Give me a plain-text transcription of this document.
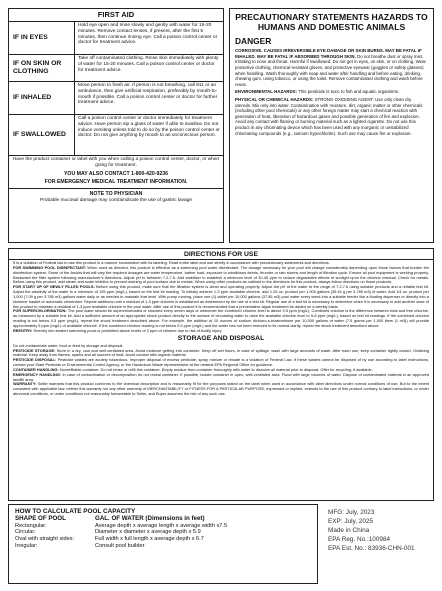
FIRST AID
IF IN EYES
Hold eye open and rinse slowly and gently with water for 15-20 minutes. Remove contact lenses, if present, after the first 5 minutes, then continue rinsing eye. Call a poison control center or doctor for treatment advice.
IF ON SKIN OR CLOTHING
Take off contaminated clothing. Rinse skin immediately with plenty of water for 15-20 minutes. Call a poison control center or doctor for treatment advice.
IF INHALED
Move person to fresh air. If person is not breathing, call 911 or an ambulance, then give artificial respiration, preferably by mouth-to-mouth if possible. Call a poison control center or doctor for further treatment advice.
IF SWALLOWED
Call a poison control center or doctor immediately for treatment advice. Have person sip a glass of water if able to swallow. Do not induce vomiting unless told to do so by the poison control center or doctor. Do not give anything by mouth to an unconscious person.
Have the product container or label with you when calling a poison control center, doctor, or when going for treatment.
YOU MAY ALSO CONTACT 1-800-420-9236
FOR EMERGENCY MEDICAL TREATMENT INFORMATION.
NOTE TO PHYSICIAN
Probable mucosal damage may contraindicate the use of gastric lavage
PRECAUTIONARY STATEMENTS HAZARDS TO HUMANS AND DOMESTIC ANIMALS
DANGER

CORROSIVE. CAUSES IRREVERSIBLE EYE DAMAGE OR SKIN BURNS. MAY BE FATAL IF INHALED. MAY BE FATAL IF ABSORBED THROUGH SKIN. Do not breathe dust or spray mist. Irritating to nose and throat. Harmful if swallowed. Do not get in eyes, on skin, or on clothing. Wear protective clothing, chemical-resistant gloves, and protective eyewear (goggles or safety glasses) when handling. Wash thoroughly with soap and water after handling and before eating, drinking, chewing gum, using tobacco, or using the toilet. Remove contaminated clothing and wash before reuse.

ENVIRONMENTAL HAZARDS: This pesticide is toxic to fish and aquatic organisms.

PHYSICAL OR CHEMICAL HAZARDS: STRONG OXIDIZING AGENT. Use only clean dry utensils. Mix only into water. Contamination with moisture, dirt, organic matter or other chemicals (including other pool chemicals) or any other foreign matter may start a chemical reaction with generation of heat, liberation of hazardous gases and possible generation of fire and explosion. Avoid any contact with flaming or burning material such as a lighted cigarette. Do not use this product in any chlorinating device which has been used with any inorganic or unstabilized chlorinating compounds (e.g., calcium hypochlorite). Such use may cause fire or explosion.

DIRECTIONS FOR USE

It is a violation of Federal law to use this product in a manner inconsistent with its labeling. Read entire label and use strictly in accordance with precautionary statements and directions.

FOR SWIMMING POOL DISINFECTANT: When used as directed, this product is effective as a swimming pool water disinfectant. The dosage necessary for your pool will change considerably depending upon those factors that burden the disinfection system. Some of the factors that will vary the required dosages are water temperature, bather load, exposure to windblown debris, thunder or rain storms and length of filtration cycle. Ensure all pool equipment is working properly. Backwash the filter system following manufacturer's directions. Adjust pH to between 7.2-7.6. Add stabilizer to establish a minimum level of 30-45 ppm to reduce degradative effects of sunlight upon the chlorine residual. Check for metals. Before using this product, add steam and scale inhibitor to prevent staining of pool surface due to metals. When using other products as outlined in the directions for this product, always follow directions on those products.

FOR START UP OF NEWLY FILLED POOLS: Before using this product, make sure that the filtration system is clean and operating properly. Adjust the pH of the water to the range of 7.2-7.6 using suitable products and a reliable test kit. Adjust the alkalinity of the water to a minimum of 125 ppm (mg/L), based on the test kit reading. To initially achieve 1-3 ppm available chlorine, add 1.25 oz. product per 1,000 gallons (35.44 g per 3.785 m3) of water. Add 1/4 oz. product per 1,000 (7.09 g per 3.785 m3) gallons water daily or as needed to maintain that level. With pump running, place one (1) tablet per 10,000 gallons (37.85 m3) pool water every week into a suitable feeder like a floating dispenser or directly into a skimmer basket or automatic chlorinator. Repeat additions until a residual of 1-3 ppm chlorine is established as determined by the use of a test kit. Regular use of a test kit is necessary to determine when it is necessary to add another dose of this product to maintain a residual of 1-3 ppm available chlorine in the pool water. After use of this product it is recommended that a preventative algae treatment be added on a weekly basis.

FOR SUPERCHLORINATION: The pool water should be superchlorinated or shocked every seven days or whenever the combined chlorine level is above 0.5 ppm (mg/L). Combined chlorine is the difference between total and free chlorine, as measured by a suitable test kit. Add a sufficient amount of an appropriate shock product directly to the surface of circulating water to raise the available chlorine level to 5-6 ppm (mg/L), based on test kit readings. If the combined chlorine reading is not below 0.5 ppm (mg/L), repeat the shock treatment described above. For example, the addition of 10 ounces of sodium dichloro-s-triazinetrione per 10,000 gallons of water (7.5 grams per 1,000 liters (1 m3)) will provide approximately 5 ppm (mg/L) of available chlorine. If the combined chlorine reading is not below 0.5 ppm (mg/L) and the water has not been restored to its normal clarity, repeat the shock treatment described above.

REENTRY: Reentry into treated swimming pools is prohibited above levels of 3 ppm of chlorine due to risk of bodily injury.

STORAGE AND DISPOSAL

Do not contaminate water, food or feed by storage and disposal.

PESTICIDE STORAGE: Store in a dry, cool and well-ventilated area. Avoid moisture getting into container. Keep off wet floors, in case of spillage, wash with large amounts of water. After each use, keep container tightly closed. Oxidizing material. Keep away from flames, sparks and all sources of heat. Avoid contact with organic material.

PESTICIDE DISPOSAL: Pesticide wastes are acutely hazardous. Improper disposal of excess pesticide, spray mixture or rinsate is a violation of Federal Law. If these wastes cannot be disposed of by use according to label instructions, contact your State Pesticide or Environmental Control Agency, or the Hazardous Waste representative at the nearest EPA Regional Office for guidance.

CONTAINER HANDLING: Nonrefillable container. Do not reuse or refill this container. Empty residue from container thoroughly with water to dissolve all material prior to disposal. Offer for recycling, if available.

EMERGENCY HANDLING: In case of contamination or decomposition do not reseal container. If possible, isolate container in open, well-ventilated area. Flood with large volumes of water. Dispose of contaminated material in an approved landfill area.

WARRANTY: Seller warrants that this product conforms to the chemical description and is reasonably fit for the purposes stated on the label when used in accordance with label directions under normal conditions of use. But to the extent consistent with applicable law, neither this warranty nor any other warranty of MERCHANTABILITY or FITNESS FOR A PARTICULAR PURPOSE, expressed or implied, extends to the use of this product contrary to label instructions, or under abnormal conditions, or under conditions not reasonably foreseeable to Seller, and Buyer assumes the risk of any such use.

HOW TO CALCULATE POOL CAPACITY
SHAPE OF POOL	GAL. OF WATER (Dimensions in feet)
Rectangular:	Average depth x average length x average width x7.5
Circular:	Diameter x diameter x average depth x 5.9
Oval with straight sides:	Full width x full length x average depth x 6.7
Irregular:	Consult pool builder
MFG: July, 2023
EXP: July, 2025
Made in China
EPA Reg. No.:100984
EPA Est. No.: 83936-CHN-001
